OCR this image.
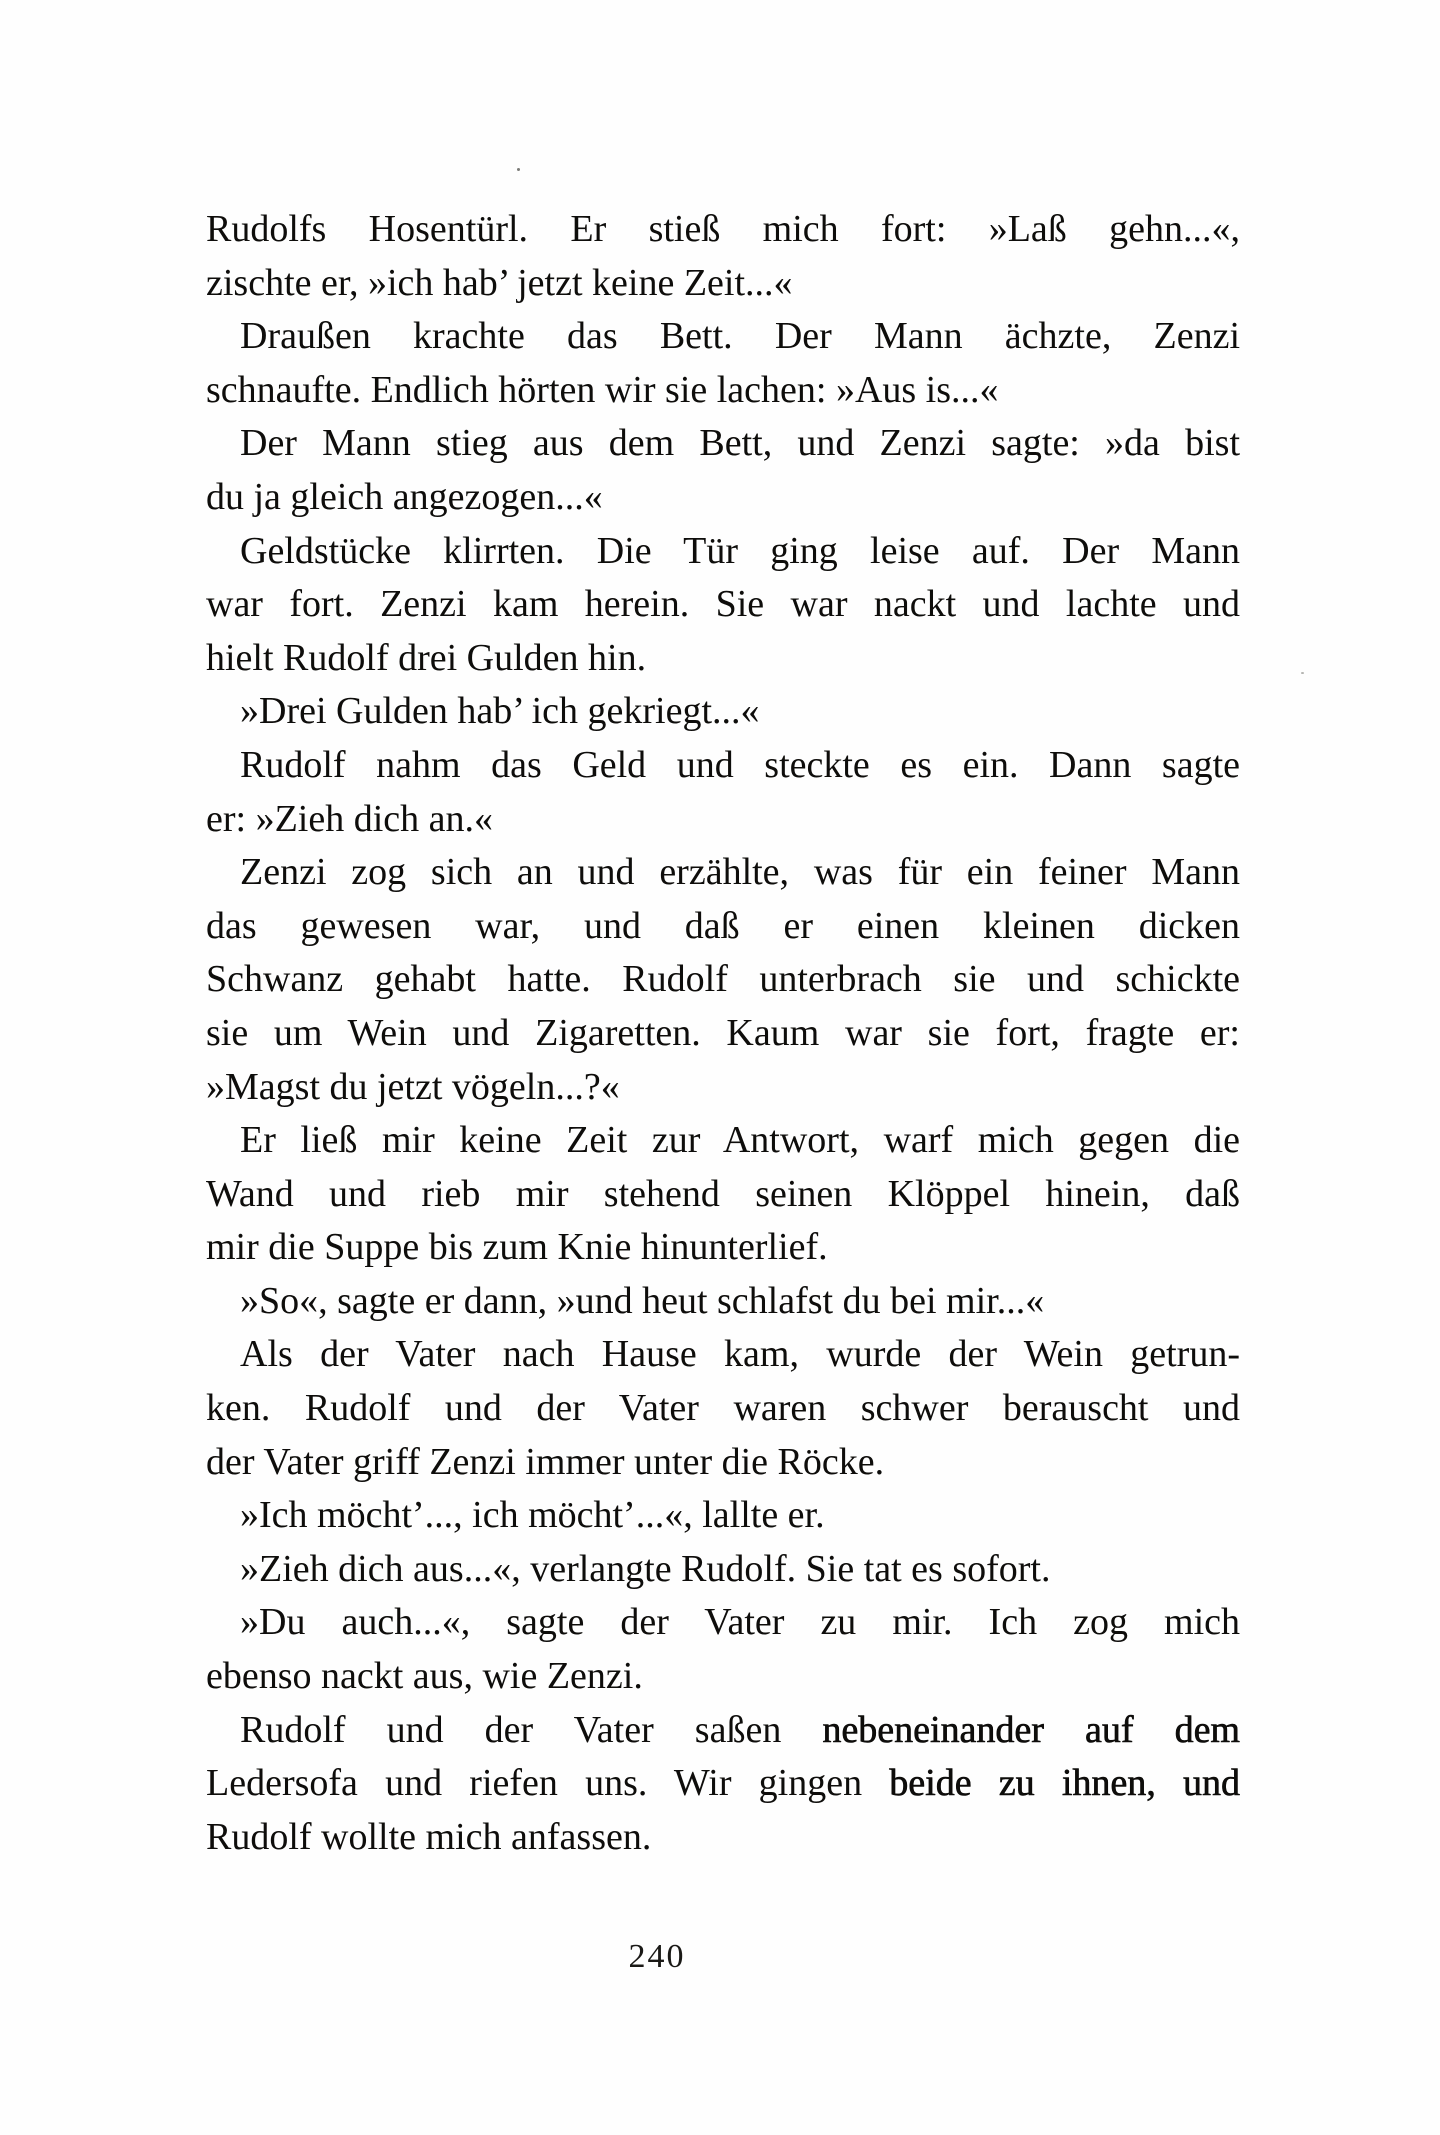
Rudolfs Hosentürl. Er stieß mich fort: »Laß gehn...«,
zischte er, »ich hab’ jetzt keine Zeit...«
Draußen krachte das Bett. Der Mann ächzte, Zenzi
schnaufte. Endlich hörten wir sie lachen: »Aus is...«
Der Mann stieg aus dem Bett, und Zenzi sagte: »da bist
du ja gleich angezogen...«
Geldstücke klirrten. Die Tür ging leise auf. Der Mann
war fort. Zenzi kam herein. Sie war nackt und lachte und
hielt Rudolf drei Gulden hin.
»Drei Gulden hab’ ich gekriegt...«
Rudolf nahm das Geld und steckte es ein. Dann sagte
er: »Zieh dich an.«
Zenzi zog sich an und erzählte, was für ein feiner Mann
das gewesen war, und daß er einen kleinen dicken
Schwanz gehabt hatte. Rudolf unterbrach sie und schickte
sie um Wein und Zigaretten. Kaum war sie fort, fragte er:
»Magst du jetzt vögeln...?«
Er ließ mir keine Zeit zur Antwort, warf mich gegen die
Wand und rieb mir stehend seinen Klöppel hinein, daß
mir die Suppe bis zum Knie hinunterlief.
»So«, sagte er dann, »und heut schlafst du bei mir...«
Als der Vater nach Hause kam, wurde der Wein getrun-
ken. Rudolf und der Vater waren schwer berauscht und
der Vater griff Zenzi immer unter die Röcke.
»Ich möcht’..., ich möcht’...«, lallte er.
»Zieh dich aus...«, verlangte Rudolf. Sie tat es sofort.
»Du auch...«, sagte der Vater zu mir. Ich zog mich
ebenso nackt aus, wie Zenzi.
Rudolf und der Vater saßen nebeneinander auf dem
Ledersofa und riefen uns. Wir gingen beide zu ihnen, und
Rudolf wollte mich anfassen.
240
